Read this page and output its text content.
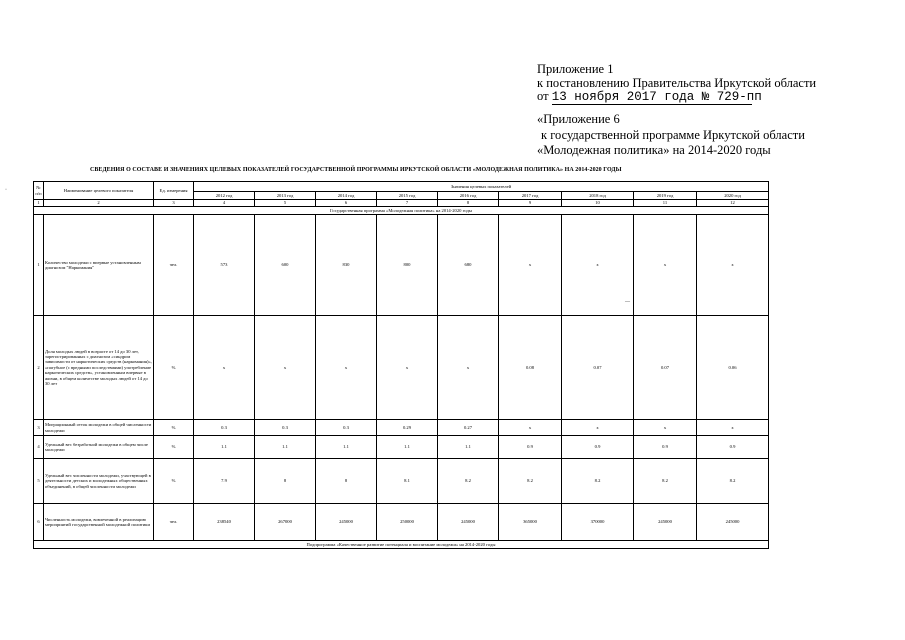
Приложение 1
к постановлению Правительства Иркутской области
от 13 ноября 2017 года № 729-пп
«Приложение 6
к государственной программе Иркутской области
«Молодежная политика» на 2014-2020 годы
СВЕДЕНИЯ О СОСТАВЕ И ЗНАЧЕНИЯХ ЦЕЛЕВЫХ ПОКАЗАТЕЛЕЙ ГОСУДАРСТВЕННОЙ ПРОГРАММЫ ИРКУТСКОЙ ОБЛАСТИ «МОЛОДЕЖНАЯ ПОЛИТИКА» НА 2014-2020 ГОДЫ
·	№ п/п	Наименование целевого показателя	Ед. измерения	Значения целевых показателей								
			2012 год	2013 год	2014 год	2015 год	2016 год	2017 год	2018 год	2019 год	2020 год
1	2	3	4	5	6	7	8	9	10	11	12
Государственная программа «Молодежная политика» на 2014-2020 годы											
1	Количество молодежи с впервые установленным диагнозом "Наркомания"	чел.	573	600	830	800	680	x	x	x	x
2	Доля молодых людей в возрасте от 14 до 30 лет, зарегистрированных с диагнозом «синдром зависимости от наркотических средств (наркомания)», «пагубное (с вредными последствиями) употребление наркотических средств», установленным впервые в жизни, в общем количестве молодых людей от 14 до 30 лет	%	x	x	x	x	x	0.08	0.07	0.07	0.06
3	Миграционный отток молодежи в общей численности молодежи	%	0.3	0.3	0.3	0.29	0.27	x	x	x	x
4	Удельный вес безработной молодежи в общем числе молодежи	%	1.1	1.1	1.1	1.1	1.1	0.9	0.9	0.9	0.9
5	Удельный вес численности молодежи, участвующей в деятельности детских и молодежных общественных объединений, в общей численности молодежи	%	7.9	8	8	8.1	8.2	8.2	8.2	8.2	8.2
6	Численность молодежи, вовлеченной в реализацию мероприятий государственной молодежной политики	чел.	238540	267000	245000	250000	245000	365000	370000	245000	245000
Подпрограмма «Качественное развитие потенциала и воспитание молодежи» на 2014-2020 годы											
—
